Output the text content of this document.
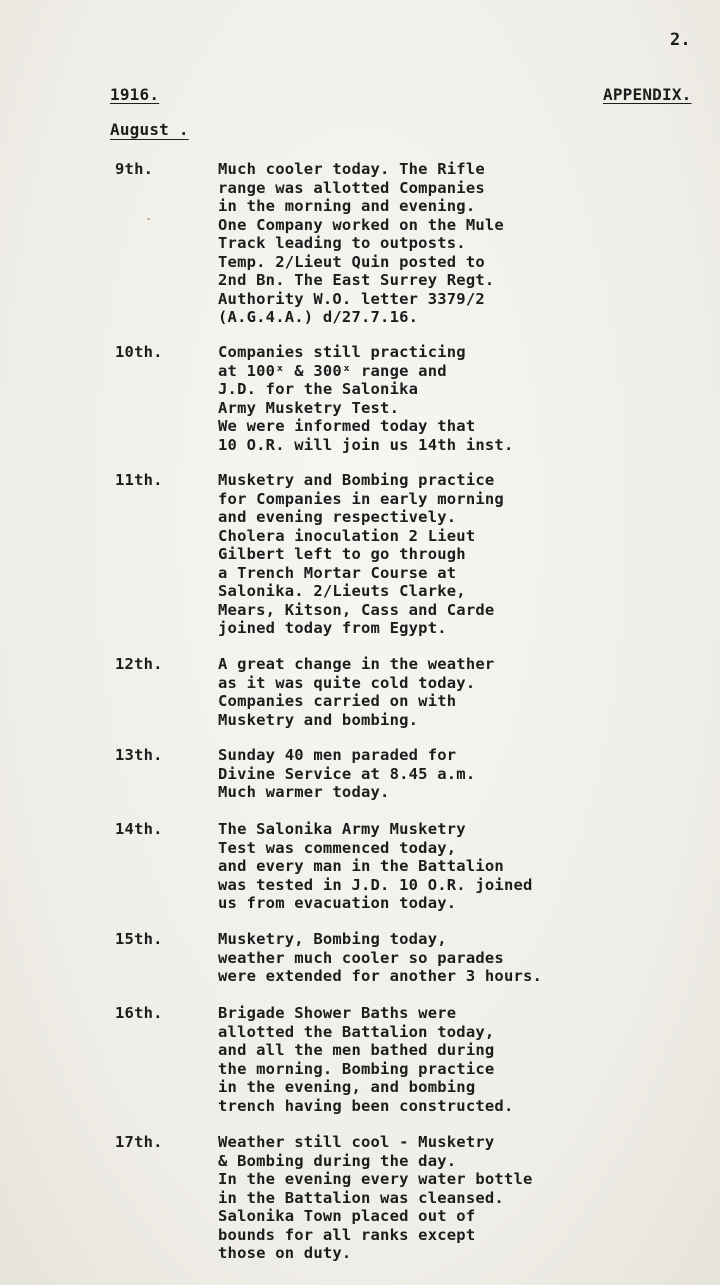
2.
1916.	APPENDIX.
August .
9th.	Much cooler today. The Rifle
range was allotted Companies
in the morning and evening.
One Company worked on the Mule
Track leading to outposts.
Temp. 2/Lieut Quin posted to
2nd Bn. The East Surrey Regt.
Authority W.O. letter 3379/2
(A.G.4.A.) d/27.7.16.
10th.	Companies still practicing
at 100ˣ & 300ˣ range and
J.D. for the Salonika
Army Musketry Test.
We were informed today that
10 O.R. will join us 14th inst.
11th.	Musketry and Bombing practice
for Companies in early morning
and evening respectively.
Cholera inoculation 2 Lieut
Gilbert left to go through
a Trench Mortar Course at
Salonika. 2/Lieuts Clarke,
Mears, Kitson, Cass and Carde
joined today from Egypt.
12th.	A great change in the weather
as it was quite cold today.
Companies carried on with
Musketry and bombing.
13th.	Sunday 40 men paraded for
Divine Service at 8.45 a.m.
Much warmer today.
14th.	The Salonika Army Musketry
Test was commenced today,
and every man in the Battalion
was tested in J.D. 10 O.R. joined
us from evacuation today.
15th.	Musketry, Bombing today,
weather much cooler so parades
were extended for another 3 hours.
16th.	Brigade Shower Baths were
allotted the Battalion today,
and all the men bathed during
the morning. Bombing practice
in the evening, and bombing
trench having been constructed.
17th.	Weather still cool - Musketry
& Bombing during the day.
In the evening every water bottle
in the Battalion was cleansed.
Salonika Town placed out of
bounds for all ranks except
those on duty.
